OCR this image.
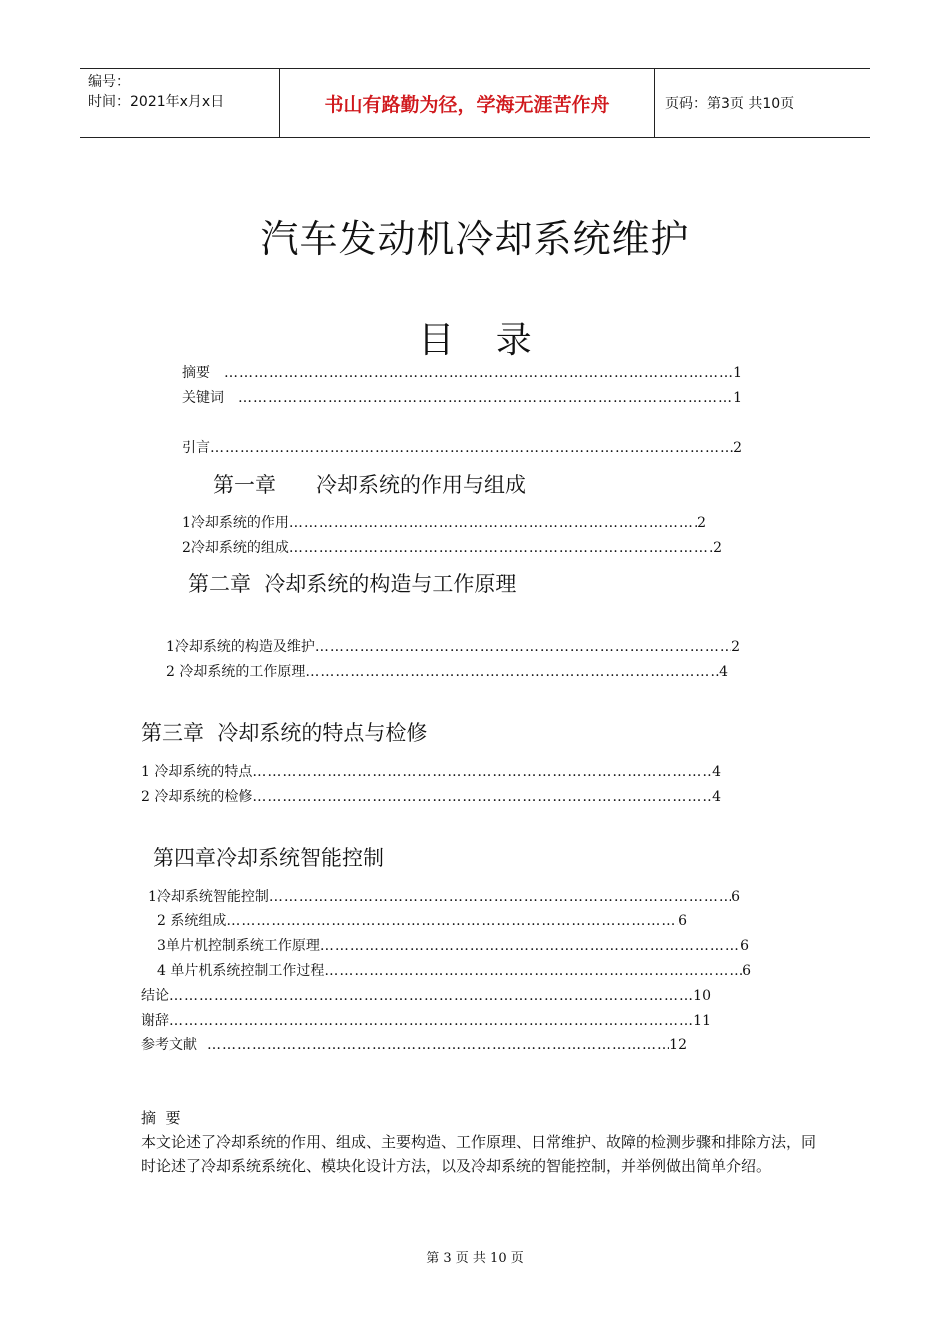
编号：
时间：2021年x月x日	书山有路勤为径，学海无涯苦作舟	页码：第3页 共10页
汽车发动机冷却系统维护
目 录
摘要 …………………………………………………………………………………………………………………………………………	1
关键词 …………………………………………………………………………………………………………………………………………	1
引言 …………………………………………………………………………………………………………………………………………	2
第一章      冷却系统的作用与组成
1冷却系统的作用 …………………………………………………………………………………………………………………………………………	2
2冷却系统的组成 …………………………………………………………………………………………………………………………………………	2
第二章  冷却系统的构造与工作原理
1冷却系统的构造及维护 …………………………………………………………………………………………………………………………………………	2
2 冷却系统的工作原理 …………………………………………………………………………………………………………………………………………	4
第三章  冷却系统的特点与检修
1 冷却系统的特点 …………………………………………………………………………………………………………………………………………	4
2 冷却系统的检修 …………………………………………………………………………………………………………………………………………	4
第四章冷却系统智能控制
1冷却系统智能控制 …………………………………………………………………………………………………………………………………………	6
2 系统组成 …………………………………………………………………………………………………………………………………………	6
3单片机控制系统工作原理 …………………………………………………………………………………………………………………………………………	6
4 单片机系统控制工作过程 …………………………………………………………………………………………………………………………………………	6
结论 …………………………………………………………………………………………………………………………………………	10
谢辞 …………………………………………………………………………………………………………………………………………	11
参考文献 …………………………………………………………………………………………………………………………………………	12
摘  要
本文论述了冷却系统的作用、组成、主要构造、工作原理、日常维护、故障的检测步骤和排除方法，同时论述了冷却系统系统化、模块化设计方法，以及冷却系统的智能控制，并举例做出简单介绍。
第 3 页 共 10 页
